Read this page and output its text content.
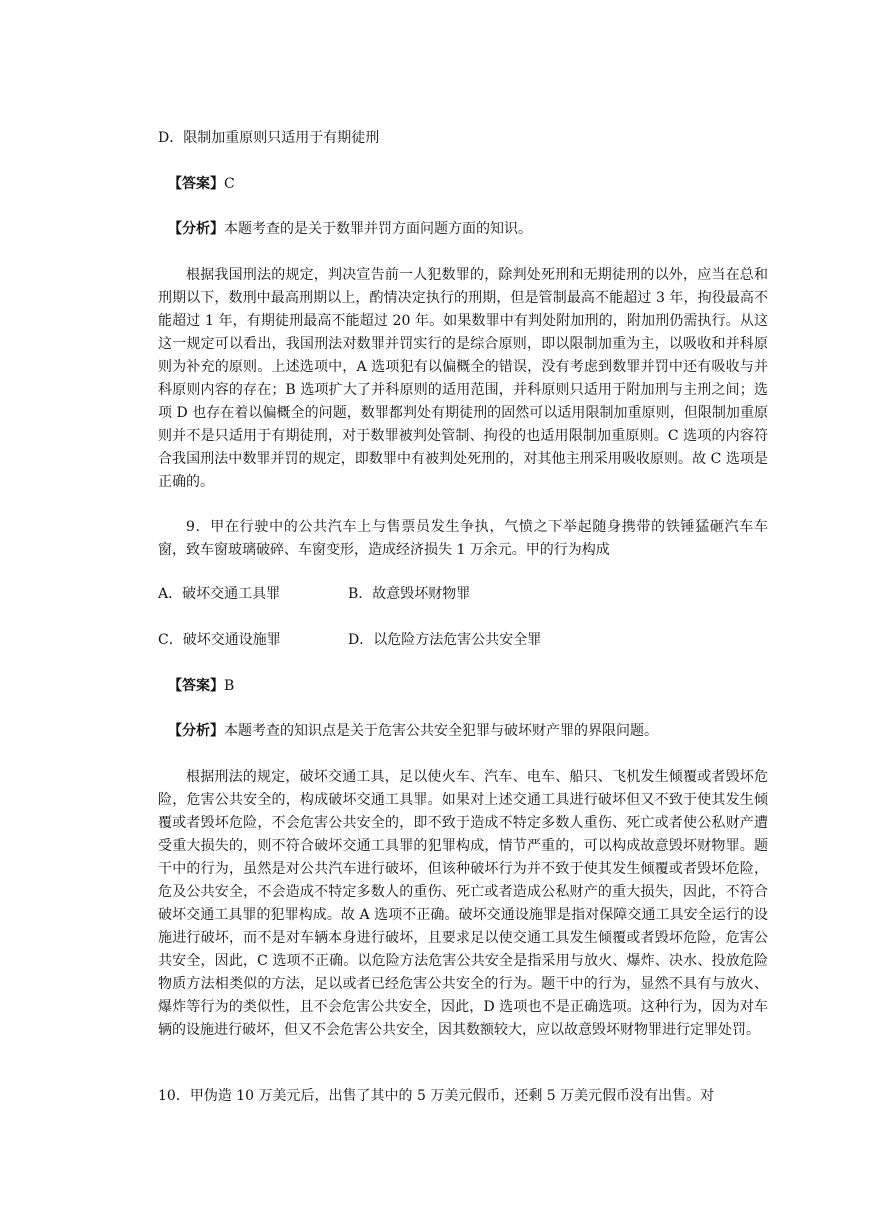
D．限制加重原则只适用于有期徒刑

【答案】C

【分析】本题考查的是关于数罪并罚方面问题方面的知识。

根据我国刑法的规定，判决宣告前一人犯数罪的，除判处死刑和无期徒刑的以外，应当在总和刑期以下，数刑中最高刑期以上，酌情决定执行的刑期，但是管制最高不能超过 3 年，拘役最高不能超过 1 年，有期徒刑最高不能超过 20 年。如果数罪中有判处附加刑的，附加刑仍需执行。从这这一规定可以看出，我国刑法对数罪并罚实行的是综合原则，即以限制加重为主，以吸收和并科原则为补充的原则。上述选项中，A 选项犯有以偏概全的错误，没有考虑到数罪并罚中还有吸收与并科原则内容的存在；B 选项扩大了并科原则的适用范围，并科原则只适用于附加刑与主刑之间；选项 D 也存在着以偏概全的问题，数罪都判处有期徒刑的固然可以适用限制加重原则，但限制加重原则并不是只适用于有期徒刑，对于数罪被判处管制、拘役的也适用限制加重原则。C 选项的内容符合我国刑法中数罪并罚的规定，即数罪中有被判处死刑的，对其他主刑采用吸收原则。故 C 选项是正确的。

9．甲在行驶中的公共汽车上与售票员发生争执，气愤之下举起随身携带的铁锤猛砸汽车车窗，致车窗玻璃破碎、车窗变形，造成经济损失 1 万余元。甲的行为构成

A．破坏交通工具罪	B．故意毁坏财物罪
C．破坏交通设施罪	D．以危险方法危害公共安全罪

【答案】B

【分析】本题考查的知识点是关于危害公共安全犯罪与破坏财产罪的界限问题。

根据刑法的规定，破坏交通工具，足以使火车、汽车、电车、船只、飞机发生倾覆或者毁坏危险，危害公共安全的，构成破坏交通工具罪。如果对上述交通工具进行破坏但又不致于使其发生倾覆或者毁坏危险，不会危害公共安全的，即不致于造成不特定多数人重伤、死亡或者使公私财产遭受重大损失的，则不符合破坏交通工具罪的犯罪构成，情节严重的，可以构成故意毁坏财物罪。题干中的行为，虽然是对公共汽车进行破坏，但该种破坏行为并不致于使其发生倾覆或者毁坏危险，危及公共安全，不会造成不特定多数人的重伤、死亡或者造成公私财产的重大损失，因此，不符合破坏交通工具罪的犯罪构成。故 A 选项不正确。破坏交通设施罪是指对保障交通工具安全运行的设施进行破坏，而不是对车辆本身进行破坏，且要求足以使交通工具发生倾覆或者毁坏危险，危害公共安全，因此，C 选项不正确。以危险方法危害公共安全是指采用与放火、爆炸、决水、投放危险物质方法相类似的方法，足以或者已经危害公共安全的行为。题干中的行为，显然不具有与放火、爆炸等行为的类似性，且不会危害公共安全，因此，D 选项也不是正确选项。这种行为，因为对车辆的设施进行破坏，但又不会危害公共安全，因其数额较大，应以故意毁坏财物罪进行定罪处罚。

10．甲伪造 10 万美元后，出售了其中的 5 万美元假币，还剩 5 万美元假币没有出售。对
